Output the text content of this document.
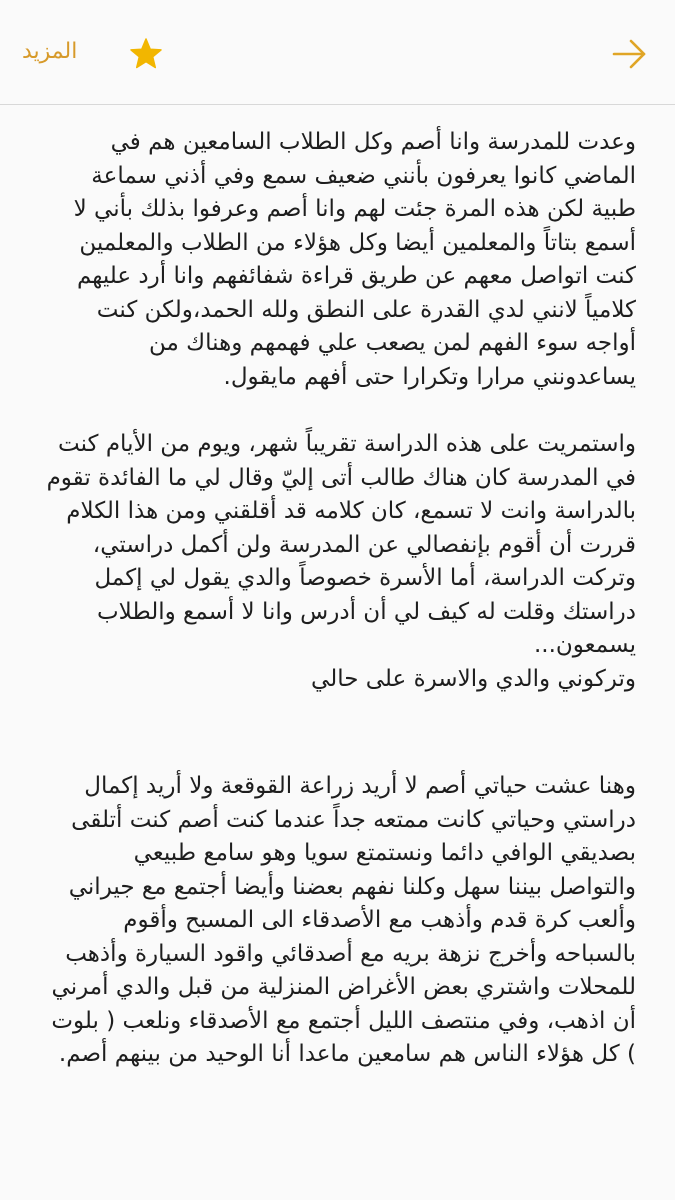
المزيد

وعدت للمدرسة وانا أصم وكل الطلاب السامعين هم في الماضي كانوا يعرفون بأنني ضعيف سمع وفي أذني سماعة طبية لكن هذه المرة جئت لهم وانا أصم وعرفوا بذلك بأني لا أسمع بتاتاً والمعلمين أيضا وكل هؤلاء من الطلاب والمعلمين كنت اتواصل معهم عن طريق قراءة شفائفهم وانا أرد عليهم كلامياً لانني لدي القدرة على النطق ولله الحمد،ولكن كنت أواجه سوء الفهم لمن يصعب علي فهمهم وهناك من يساعدونني مرارا وتكرارا حتى أفهم مايقول.

واستمريت على هذه الدراسة تقريباً شهر، ويوم من الأيام كنت في المدرسة كان هناك طالب أتى إليّ وقال لي ما الفائدة تقوم بالدراسة وانت لا تسمع، كان كلامه قد أقلقني ومن هذا الكلام قررت أن أقوم بإنفصالي عن المدرسة ولن أكمل دراستي، وتركت الدراسة، أما الأسرة خصوصاً والدي يقول لي إكمل دراستك وقلت له كيف لي أن أدرس وانا لا أسمع والطلاب يسمعون...
وتركوني والدي والاسرة على حالي

وهنا عشت حياتي أصم لا أريد زراعة القوقعة ولا أريد إكمال دراستي وحياتي كانت ممتعه جداً عندما كنت أصم كنت أتلقى بصديقي الوافي دائما ونستمتع سويا وهو سامع طبيعي والتواصل بيننا سهل وكلنا نفهم بعضنا وأيضا أجتمع مع جيراني وألعب كرة قدم وأذهب مع الأصدقاء الى المسبح وأقوم بالسباحه وأخرج نزهة بريه مع أصدقائي واقود السيارة وأذهب للمحلات واشتري بعض الأغراض المنزلية من قبل والدي أمرني أن اذهب، وفي منتصف الليل أجتمع مع الأصدقاء ونلعب ( بلوت ) كل هؤلاء الناس هم سامعين ماعدا أنا الوحيد من بينهم أصم.
